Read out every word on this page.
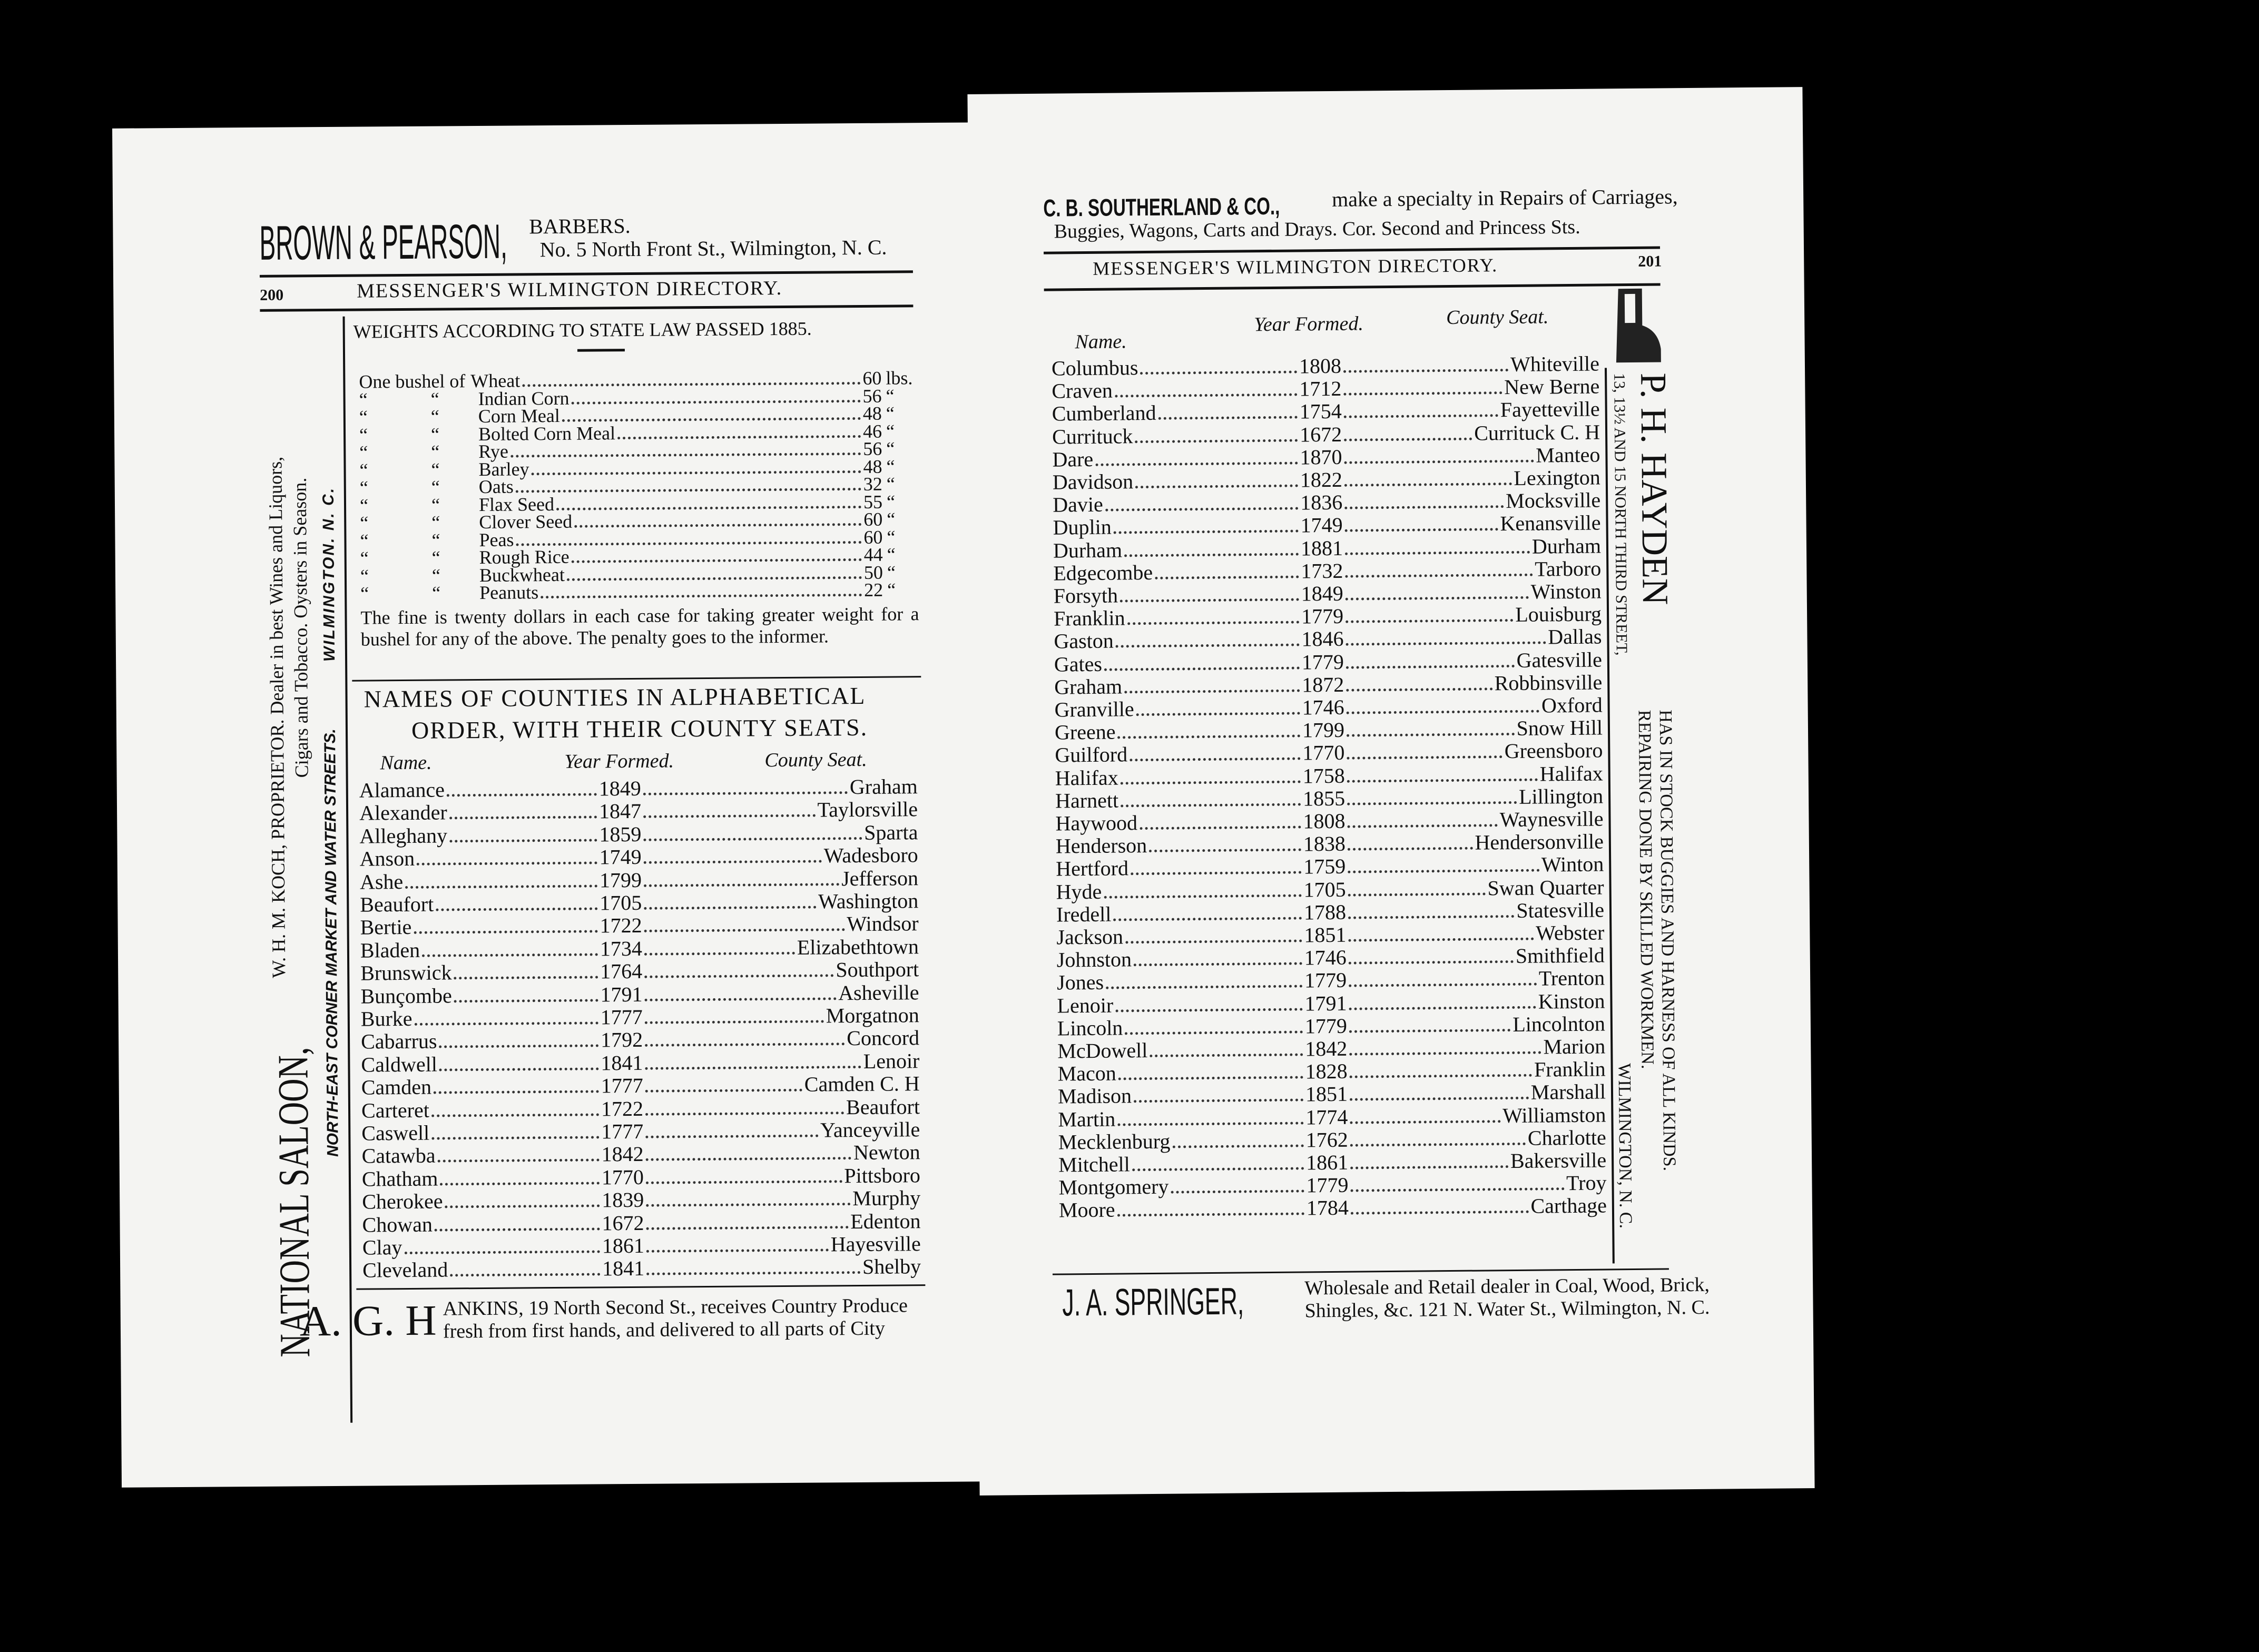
BROWN & PEARSON,	BARBERS.
No. 5 North Front St., Wilmington, N. C.
200	MESSENGER'S WILMINGTON DIRECTORY.
NATIONAL SALOON,
W. H. M. KOCH, PROPRIETOR. Dealer in best Wines and Liquors, Cigars and Tobacco. Oysters in Season.
NORTH-EAST CORNER MARKET AND WATER STREETS.
WILMINGTON. N. C.
WEIGHTS ACCORDING TO STATE LAW PASSED 1885.
One bushel of Wheat	60 lbs.
“	“	Indian Corn	56 “
“	“	Corn Meal	48 “
“	“	Bolted Corn Meal	46 “
“	“	Rye	56 “
“	“	Barley	48 “
“	“	Oats	32 “
“	“	Flax Seed	55 “
“	“	Clover Seed	60 “
“	“	Peas	60 “
“	“	Rough Rice	44 “
“	“	Buckwheat	50 “
“	“	Peanuts	22 “
The fine is twenty dollars in each case for taking greater weight for a bushel for any of the above. The penalty goes to the informer.
NAMES OF COUNTIES IN ALPHABETICAL
ORDER, WITH THEIR COUNTY SEATS.
Name.	Year Formed.	County Seat.
Alamance	1849	Graham
Alexander	1847	Taylorsville
Alleghany	1859	Sparta
Anson	1749	Wadesboro
Ashe	1799	Jefferson
Beaufort	1705	Washington
Bertie	1722	Windsor
Bladen	1734	Elizabethtown
Brunswick	1764	Southport
Bunçombe	1791	Asheville
Burke	1777	Morgatnon
Cabarrus	1792	Concord
Caldwell	1841	Lenoir
Camden	1777	Camden C. H
Carteret	1722	Beaufort
Caswell	1777	Yanceyville
Catawba	1842	Newton
Chatham	1770	Pittsboro
Cherokee	1839	Murphy
Chowan	1672	Edenton
Clay	1861	Hayesville
Cleveland	1841	Shelby
A. G. H ANKINS, 19 North Second St., receives Country Produce
fresh from first hands, and delivered to all parts of City
C. B. SOUTHERLAND & CO.,	make a specialty in Repairs of Carriages,
Buggies, Wagons, Carts and Drays. Cor. Second and Princess Sts.
MESSENGER'S WILMINGTON DIRECTORY.	201
Name.
Year Formed.	County Seat.
Columbus	1808	Whiteville
Craven	1712	New Berne
Cumberland	1754	Fayetteville
Currituck	1672	Currituck C. H
Dare	1870	Manteo
Davidson	1822	Lexington
Davie	1836	Mocksville
Duplin	1749	Kenansville
Durham	1881	Durham
Edgecombe	1732	Tarboro
Forsyth	1849	Winston
Franklin	1779	Louisburg
Gaston	1846	Dallas
Gates	1779	Gatesville
Graham	1872	Robbinsville
Granville	1746	Oxford
Greene	1799	Snow Hill
Guilford	1770	Greensboro
Halifax	1758	Halifax
Harnett	1855	Lillington
Haywood	1808	Waynesville
Henderson	1838	Hendersonville
Hertford	1759	Winton
Hyde	1705	Swan Quarter
Iredell	1788	Statesville
Jackson	1851	Webster
Johnston	1746	Smithfield
Jones	1779	Trenton
Lenoir	1791	Kinston
Lincoln	1779	Lincolnton
McDowell	1842	Marion
Macon	1828	Franklin
Madison	1851	Marshall
Martin	1774	Williamston
Mecklenburg	1762	Charlotte
Mitchell	1861	Bakersville
Montgomery	1779	Troy
Moore	1784	Carthage
P. H. HAYDEN
HAS IN STOCK BUGGIES AND HARNESS OF ALL KINDS.
REPAIRING DONE BY SKILLED WORKMEN.
WILMINGTON, N. C.
13, 13½ AND 15 NORTH THIRD STREET,
J. A. SPRINGER,	Wholesale and Retail dealer in Coal, Wood, Brick,
Shingles, &c. 121 N. Water St., Wilmington, N. C.
